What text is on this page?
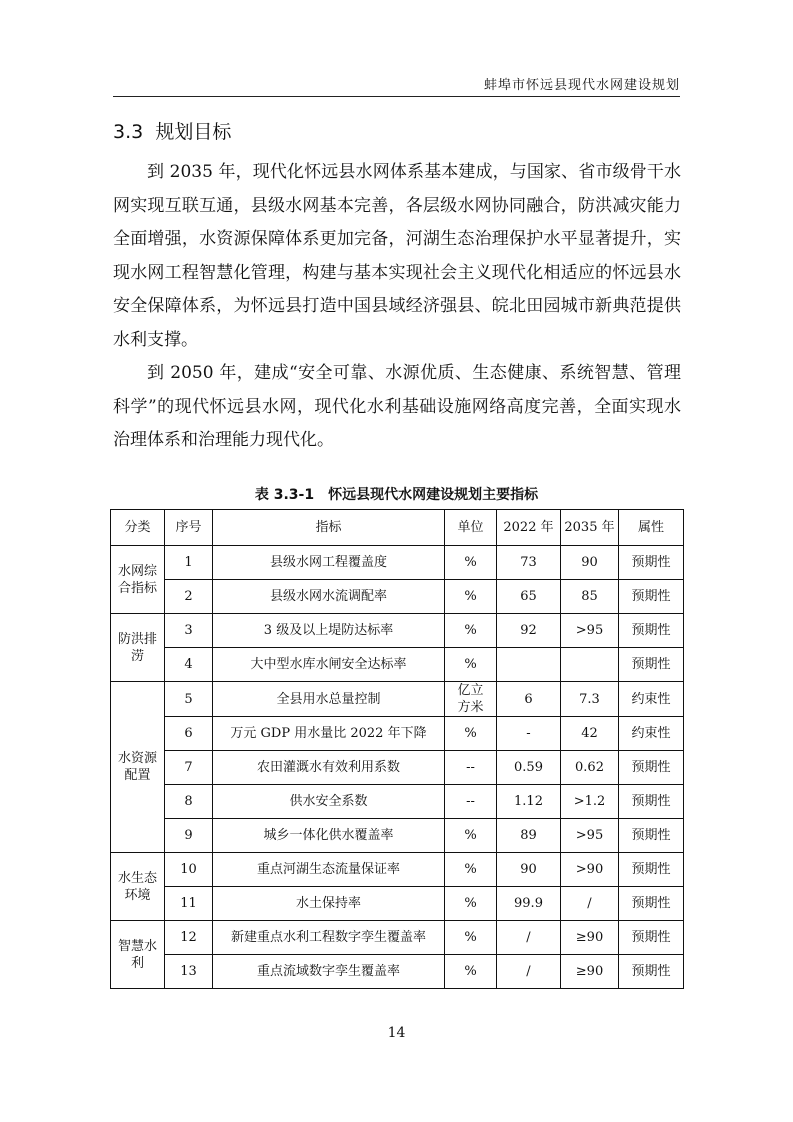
蚌埠市怀远县现代水网建设规划
3.3 规划目标

到 2035 年，现代化怀远县水网体系基本建成，与国家、省市级骨干水网实现互联互通，县级水网基本完善，各层级水网协同融合，防洪减灾能力全面增强，水资源保障体系更加完备，河湖生态治理保护水平显著提升，实现水网工程智慧化管理，构建与基本实现社会主义现代化相适应的怀远县水安全保障体系，为怀远县打造中国县域经济强县、皖北田园城市新典范提供水利支撑。

到 2050 年，建成“安全可靠、水源优质、生态健康、系统智慧、管理科学”的现代怀远县水网，现代化水利基础设施网络高度完善，全面实现水治理体系和治理能力现代化。

表 3.3-1　怀远县现代水网建设规划主要指标
分类	序号	指标	单位	2022 年	2035 年	属性
水网综合指标	1	县级水网工程覆盖度	%	73	90	预期性
	2	县级水网水流调配率	%	65	85	预期性
防洪排涝	3	3 级及以上堤防达标率	%	92	>95	预期性
	4	大中型水库水闸安全达标率	%			预期性
水资源配置	5	全县用水总量控制	亿立方米	6	7.3	约束性
	6	万元 GDP 用水量比 2022 年下降	%	-	42	约束性
	7	农田灌溉水有效利用系数	--	0.59	0.62	预期性
	8	供水安全系数	--	1.12	>1.2	预期性
	9	城乡一体化供水覆盖率	%	89	>95	预期性
水生态环境	10	重点河湖生态流量保证率	%	90	>90	预期性
	11	水土保持率	%	99.9	/	预期性
智慧水利	12	新建重点水利工程数字孪生覆盖率	%	/	≥90	预期性
	13	重点流域数字孪生覆盖率	%	/	≥90	预期性
14
